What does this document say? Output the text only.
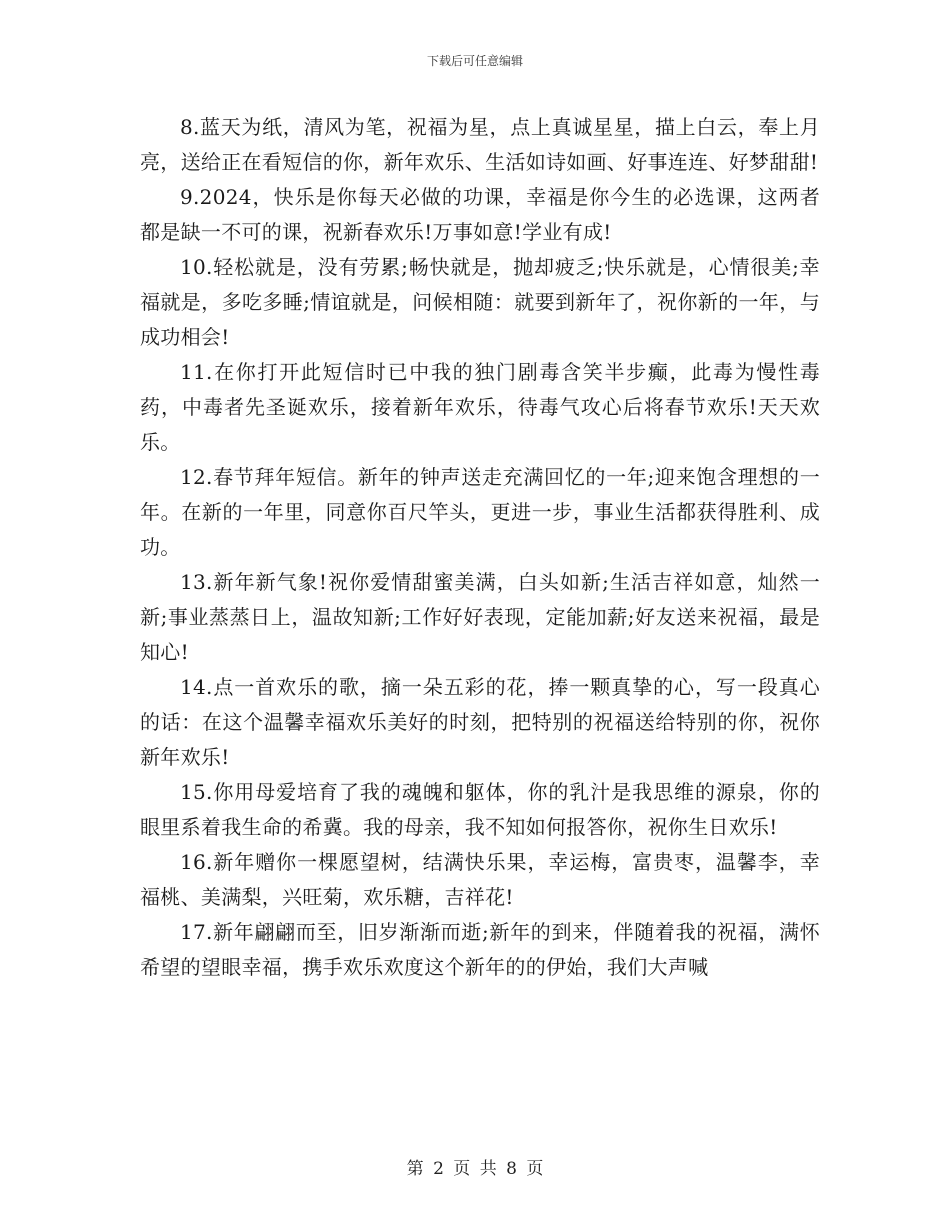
下载后可任意编辑

8.蓝天为纸，清风为笔，祝福为星，点上真诚星星，描上白云，奉上月亮，送给正在看短信的你，新年欢乐、生活如诗如画、好事连连、好梦甜甜!

9.2024，快乐是你每天必做的功课，幸福是你今生的必选课，这两者都是缺一不可的课，祝新春欢乐!万事如意!学业有成!

10.轻松就是，没有劳累;畅快就是，抛却疲乏;快乐就是，心情很美;幸福就是，多吃多睡;情谊就是，问候相随：就要到新年了，祝你新的一年，与成功相会!

11.在你打开此短信时已中我的独门剧毒含笑半步癫，此毒为慢性毒药，中毒者先圣诞欢乐，接着新年欢乐，待毒气攻心后将春节欢乐!天天欢乐。

12.春节拜年短信。新年的钟声送走充满回忆的一年;迎来饱含理想的一年。在新的一年里，同意你百尺竿头，更进一步，事业生活都获得胜利、成功。

13.新年新气象!祝你爱情甜蜜美满，白头如新;生活吉祥如意，灿然一新;事业蒸蒸日上，温故知新;工作好好表现，定能加薪;好友送来祝福，最是知心!

14.点一首欢乐的歌，摘一朵五彩的花，捧一颗真挚的心，写一段真心的话：在这个温馨幸福欢乐美好的时刻，把特别的祝福送给特别的你，祝你新年欢乐!

15.你用母爱培育了我的魂魄和躯体，你的乳汁是我思维的源泉，你的眼里系着我生命的希冀。我的母亲，我不知如何报答你，祝你生日欢乐!

16.新年赠你一棵愿望树，结满快乐果，幸运梅，富贵枣，温馨李，幸福桃、美满梨，兴旺菊，欢乐糖，吉祥花!

17.新年翩翩而至，旧岁渐渐而逝;新年的到来，伴随着我的祝福，满怀希望的望眼幸福，携手欢乐欢度这个新年的的伊始，我们大声喊

第 2 页 共 8 页
